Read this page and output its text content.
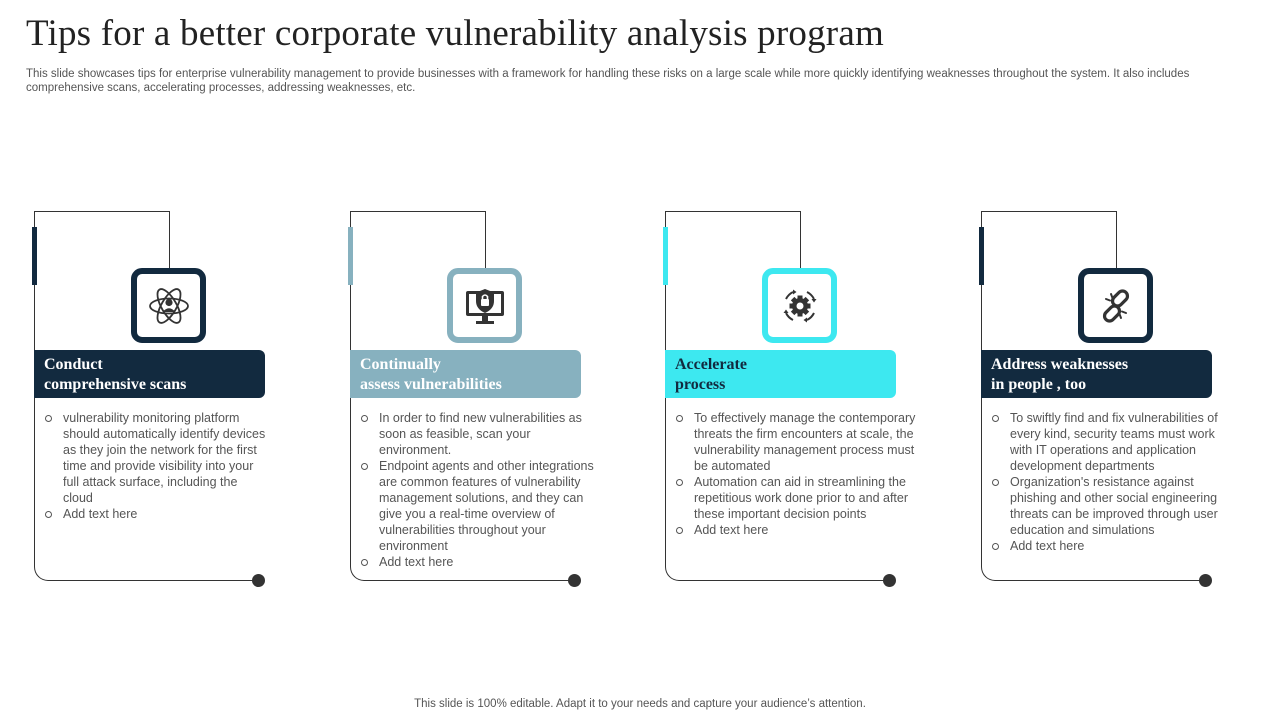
Tips for a better corporate vulnerability analysis program

This slide showcases tips for enterprise vulnerability management to provide businesses with a framework for handling these risks on a large scale while more quickly identifying weaknesses throughout the system. It also includes comprehensive scans, accelerating processes, addressing weaknesses, etc.

Conduct
comprehensive scans
vulnerability monitoring platform should automatically identify devices as they join the network for the first time and provide visibility into your full attack surface, including the cloud
Add text here
Continually
assess vulnerabilities
In order to find new vulnerabilities as soon as feasible, scan your environment.
Endpoint agents and other integrations are common features of vulnerability management solutions, and they can give you a real-time overview of vulnerabilities throughout your environment
Add text here
Accelerate
process
To effectively manage the contemporary threats the firm encounters at scale, the vulnerability management process must be automated
Automation can aid in streamlining the repetitious work done prior to and after these important decision points
Add text here
Address weaknesses
in people , too
To swiftly find and fix vulnerabilities of every kind, security teams must work with IT operations and application development departments
Organization's resistance against phishing and other social engineering threats can be improved through user education and simulations
Add text here
This slide is 100% editable. Adapt it to your needs and capture your audience’s attention.
